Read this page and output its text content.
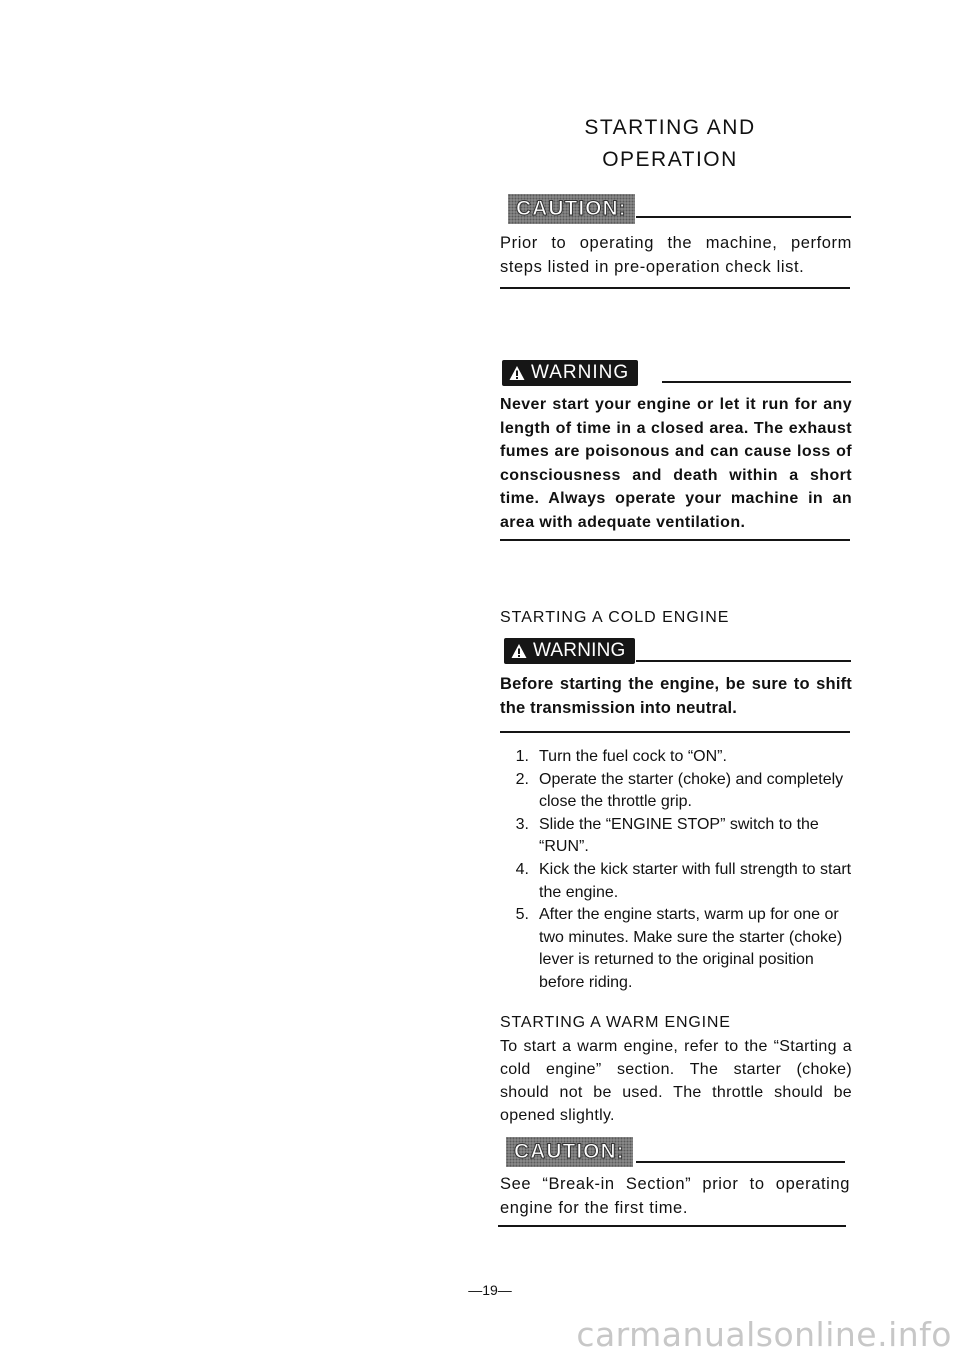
STARTING AND
OPERATION
CAUTION:
Prior to operating the machine, perform steps listed in pre-operation check list.
WARNING
Never start your engine or let it run for any length of time in a closed area. The exhaust fumes are poisonous and can cause loss of consciousness and death within a short time. Always operate your machine in an area with adequate ventilation.
STARTING A COLD ENGINE
WARNING
Before starting the engine, be sure to shift the transmission into neutral.
1. Turn the fuel cock to “ON”.
2. Operate the starter (choke) and completely close the throttle grip.
3. Slide the “ENGINE STOP” switch to the “RUN”.
4. Kick the kick starter with full strength to start the engine.
5. After the engine starts, warm up for one or two minutes. Make sure the starter (choke) lever is returned to the original position before riding.
STARTING A WARM ENGINE
To start a warm engine, refer to the “Starting a cold engine” section. The starter (choke) should not be used. The throttle should be opened slightly.
CAUTION:
See “Break-in Section” prior to operating engine for the first time.
—19—
carmanualsonline.info
